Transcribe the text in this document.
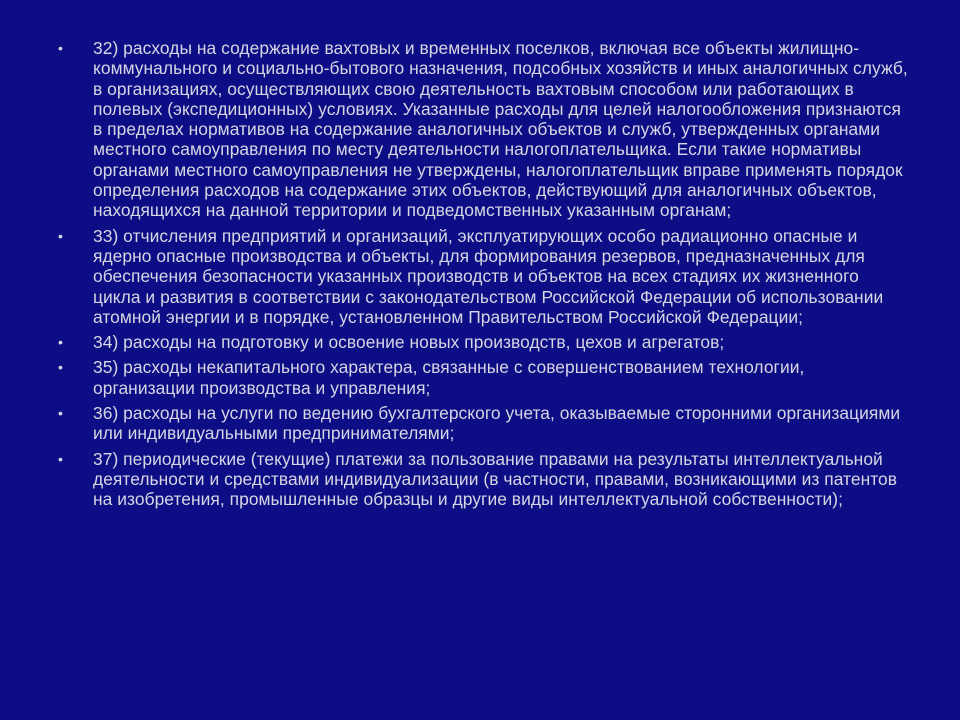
• 32) расходы на содержание вахтовых и временных поселков, включая все объекты жилищно-коммунального и социально-бытового назначения, подсобных хозяйств и иных аналогичных служб, в организациях, осуществляющих свою деятельность вахтовым способом или работающих в полевых (экспедиционных) условиях. Указанные расходы для целей налогообложения признаются в пределах нормативов на содержание аналогичных объектов и служб, утвержденных органами местного самоуправления по месту деятельности налогоплательщика. Если такие нормативы органами местного самоуправления не утверждены, налогоплательщик вправе применять порядок определения расходов на содержание этих объектов, действующий для аналогичных объектов, находящихся на данной территории и подведомственных указанным органам;
• 33) отчисления предприятий и организаций, эксплуатирующих особо радиационно опасные и ядерно опасные производства и объекты, для формирования резервов, предназначенных для обеспечения безопасности указанных производств и объектов на всех стадиях их жизненного цикла и развития в соответствии с законодательством Российской Федерации об использовании атомной энергии и в порядке, установленном Правительством Российской Федерации;
• 34) расходы на подготовку и освоение новых производств, цехов и агрегатов;
• 35) расходы некапитального характера, связанные с совершенствованием технологии, организации производства и управления;
• 36) расходы на услуги по ведению бухгалтерского учета, оказываемые сторонними организациями или индивидуальными предпринимателями;
• 37) периодические (текущие) платежи за пользование правами на результаты интеллектуальной деятельности и средствами индивидуализации (в частности, правами, возникающими из патентов на изобретения, промышленные образцы и другие виды интеллектуальной собственности);
